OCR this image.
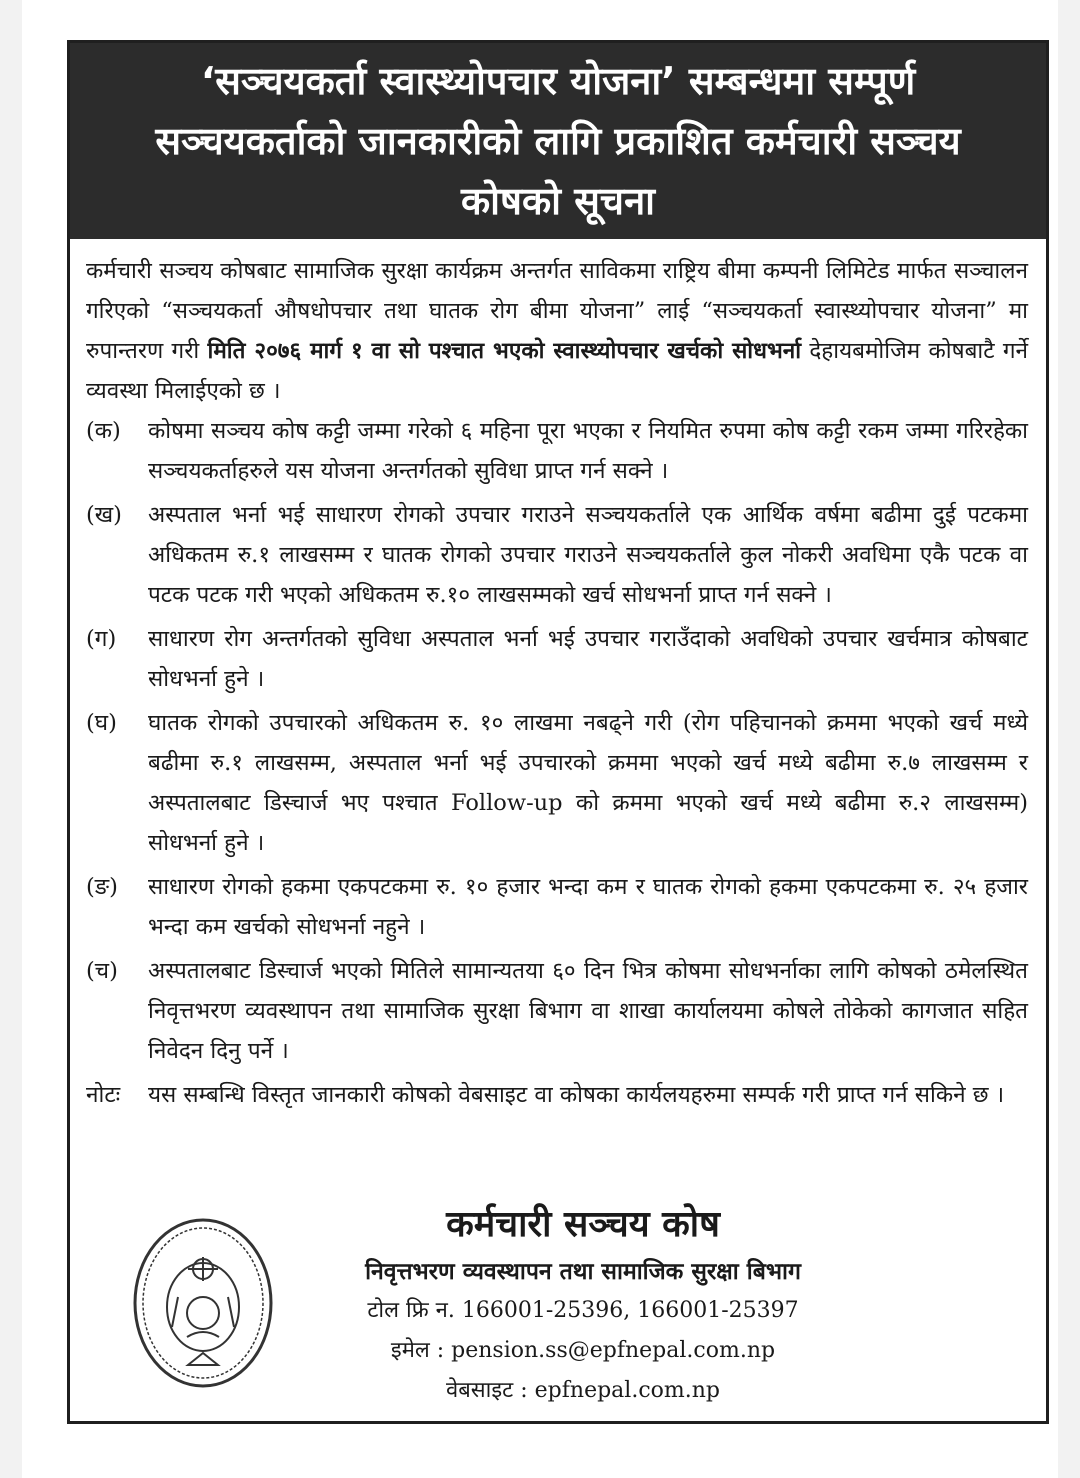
‘सञ्चयकर्ता स्वास्थ्योपचार योजना’ सम्बन्धमा सम्पूर्ण सञ्चयकर्ताको जानकारीको लागि प्रकाशित कर्मचारी सञ्चय कोषको सूचना

कर्मचारी सञ्चय कोषबाट सामाजिक सुरक्षा कार्यक्रम अन्तर्गत साविकमा राष्ट्रिय बीमा कम्पनी लिमिटेड मार्फत सञ्चालन गरिएको “सञ्चयकर्ता औषधोपचार तथा घातक रोग बीमा योजना” लाई “सञ्चयकर्ता स्वास्थ्योपचार योजना” मा रुपान्तरण गरी मिति २०७६ मार्ग १ वा सो पश्चात भएको स्वास्थ्योपचार खर्चको सोधभर्ना देहायबमोजिम कोषबाटै गर्ने व्यवस्था मिलाईएको छ ।

(क)	कोषमा सञ्चय कोष कट्टी जम्मा गरेको ६ महिना पूरा भएका र नियमित रुपमा कोष कट्टी रकम जम्मा गरिरहेका सञ्चयकर्ताहरुले यस योजना अन्तर्गतको सुविधा प्राप्त गर्न सक्ने ।
(ख)	अस्पताल भर्ना भई साधारण रोगको उपचार गराउने सञ्चयकर्ताले एक आर्थिक वर्षमा बढीमा दुई पटकमा अधिकतम रु.१ लाखसम्म र घातक रोगको उपचार गराउने सञ्चयकर्ताले कुल नोकरी अवधिमा एकै पटक वा पटक पटक गरी भएको अधिकतम रु.१० लाखसम्मको खर्च सोधभर्ना प्राप्त गर्न सक्ने ।
(ग)	साधारण रोग अन्तर्गतको सुविधा अस्पताल भर्ना भई उपचार गराउँदाको अवधिको उपचार खर्चमात्र कोषबाट सोधभर्ना हुने ।
(घ)	घातक रोगको उपचारको अधिकतम रु. १० लाखमा नबढ्ने गरी (रोग पहिचानको क्रममा भएको खर्च मध्ये बढीमा रु.१ लाखसम्म, अस्पताल भर्ना भई उपचारको क्रममा भएको खर्च मध्ये बढीमा रु.७ लाखसम्म र अस्पतालबाट डिस्चार्ज भए पश्चात Follow-up को क्रममा भएको खर्च मध्ये बढीमा रु.२ लाखसम्म) सोधभर्ना हुने ।
(ङ)	साधारण रोगको हकमा एकपटकमा रु. १० हजार भन्दा कम र घातक रोगको हकमा एकपटकमा रु. २५ हजार भन्दा कम खर्चको सोधभर्ना नहुने ।
(च)	अस्पतालबाट डिस्चार्ज भएको मितिले सामान्यतया ६० दिन भित्र कोषमा सोधभर्नाका लागि कोषको ठमेलस्थित निवृत्तभरण व्यवस्थापन तथा सामाजिक सुरक्षा बिभाग वा शाखा कार्यालयमा कोषले तोकेको कागजात सहित निवेदन दिनु पर्ने ।
नोटः	यस सम्बन्धि विस्तृत जानकारी कोषको वेबसाइट वा कोषका कार्यलयहरुमा सम्पर्क गरी प्राप्त गर्न सकिने छ ।

कर्मचारी सञ्चय कोष

निवृत्तभरण व्यवस्थापन तथा सामाजिक सुरक्षा बिभाग

टोल फ्रि न. 166001-25396, 166001-25397

इमेल : pension.ss@epfnepal.com.np

वेबसाइट : epfnepal.com.np
